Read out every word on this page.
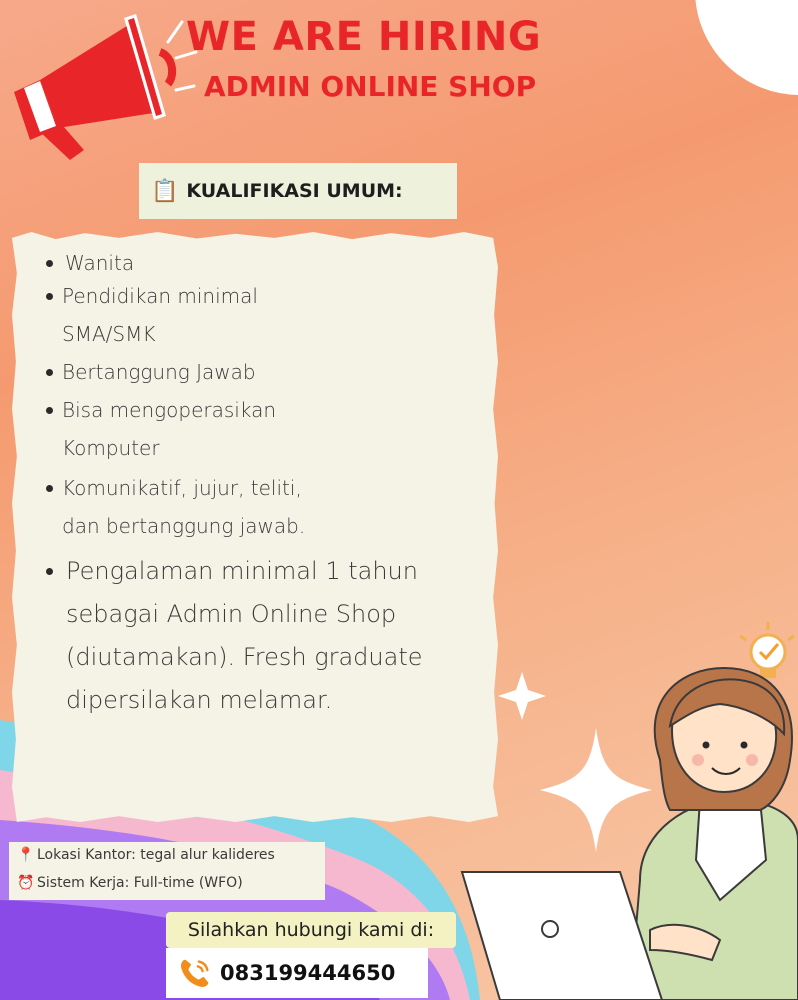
WE ARE HIRING
ADMIN ONLINE SHOP
📋 KUALIFIKASI UMUM:
Wanita
Pendidikan minimal
SMA/SMK
Bertanggung Jawab
Bisa mengoperasikan
Komputer
Komunikatif, jujur, teliti,
dan bertanggung jawab.
Pengalaman minimal 1 tahun
sebagai Admin Online Shop
(diutamakan). Fresh graduate
dipersilakan melamar.
📍 Lokasi Kantor: tegal alur kalideres
⏰ Sistem Kerja: Full-time (WFO)
Silahkan hubungi kami di:
083199444650
